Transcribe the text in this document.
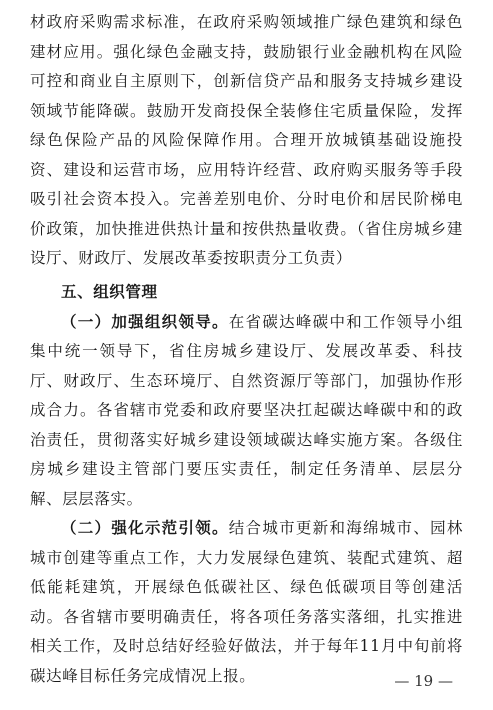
材政府采购需求标准，在政府采购领域推广绿色建筑和绿色建材应用。强化绿色金融支持，鼓励银行业金融机构在风险可控和商业自主原则下，创新信贷产品和服务支持城乡建设领域节能降碳。鼓励开发商投保全装修住宅质量保险，发挥绿色保险产品的风险保障作用。合理开放城镇基础设施投资、建设和运营市场，应用特许经营、政府购买服务等手段吸引社会资本投入。完善差别电价、分时电价和居民阶梯电价政策，加快推进供热计量和按供热量收费。（省住房城乡建设厅、财政厅、发展改革委按职责分工负责）

五、组织管理

（一）加强组织领导。在省碳达峰碳中和工作领导小组集中统一领导下，省住房城乡建设厅、发展改革委、科技厅、财政厅、生态环境厅、自然资源厅等部门，加强协作形成合力。各省辖市党委和政府要坚决扛起碳达峰碳中和的政治责任，贯彻落实好城乡建设领域碳达峰实施方案。各级住房城乡建设主管部门要压实责任，制定任务清单、层层分解、层层落实。

（二）强化示范引领。结合城市更新和海绵城市、园林城市创建等重点工作，大力发展绿色建筑、装配式建筑、超低能耗建筑，开展绿色低碳社区、绿色低碳项目等创建活动。各省辖市要明确责任，将各项任务落实落细，扎实推进相关工作，及时总结好经验好做法，并于每年11月中旬前将碳达峰目标任务完成情况上报。	— 19 —
